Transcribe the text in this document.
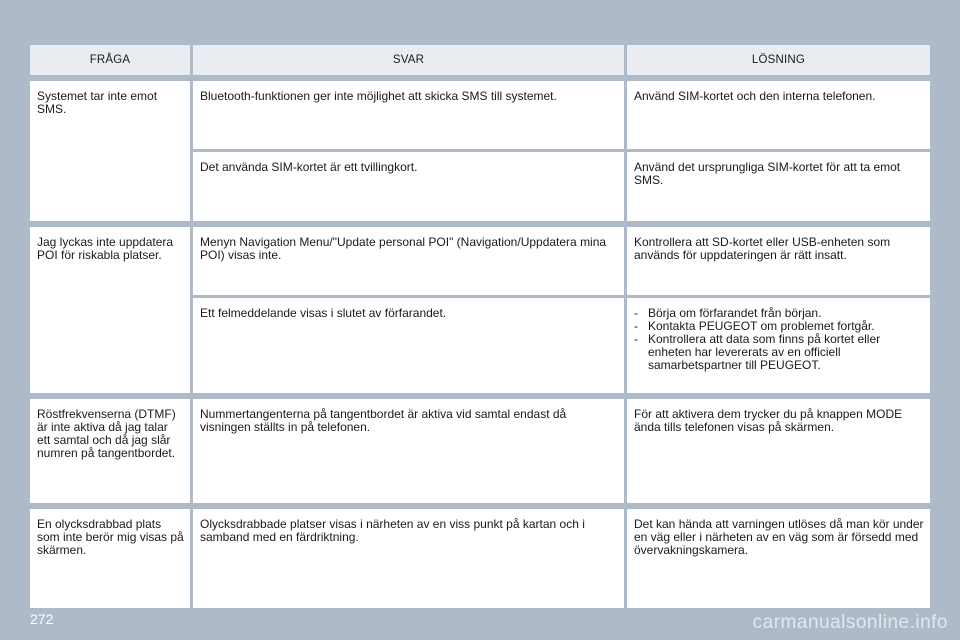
FRÅGA	SVAR	LÖSNING
Systemet tar inte emot SMS.
Bluetooth-funktionen ger inte möjlighet att skicka SMS till systemet.	Använd SIM-kortet och den interna telefonen.
Det använda SIM-kortet är ett tvillingkort.	Använd det ursprungliga SIM-kortet för att ta emot SMS.
Jag lyckas inte uppdatera POI för riskabla platser.
Menyn Navigation Menu/"Update personal POI" (Navigation/Uppdatera mina POI) visas inte.
Kontrollera att SD-kortet eller USB-enheten som används för uppdateringen är rätt insatt.
Ett felmeddelande visas i slutet av förfarandet.
-	Börja om förfarandet från början.
- Kontakta PEUGEOT om problemet fortgår.
- Kontrollera att data som finns på kortet eller enheten har levererats av en officiell samarbetspartner till PEUGEOT.
Röstfrekvenserna (DTMF) är inte aktiva då jag talar ett samtal och då jag slår numren på tangentbordet.
Nummertangenterna på tangentbordet är aktiva vid samtal endast då visningen ställts in på telefonen.
För att aktivera dem trycker du på knappen MODE ända tills telefonen visas på skärmen.
En olycksdrabbad plats som inte berör mig visas på skärmen.
Olycksdrabbade platser visas i närheten av en viss punkt på kartan och i samband med en färdriktning.
Det kan hända att varningen utlöses då man kör under en väg eller i närheten av en väg som är försedd med övervakningskamera.
272	carmanualsonline.info
